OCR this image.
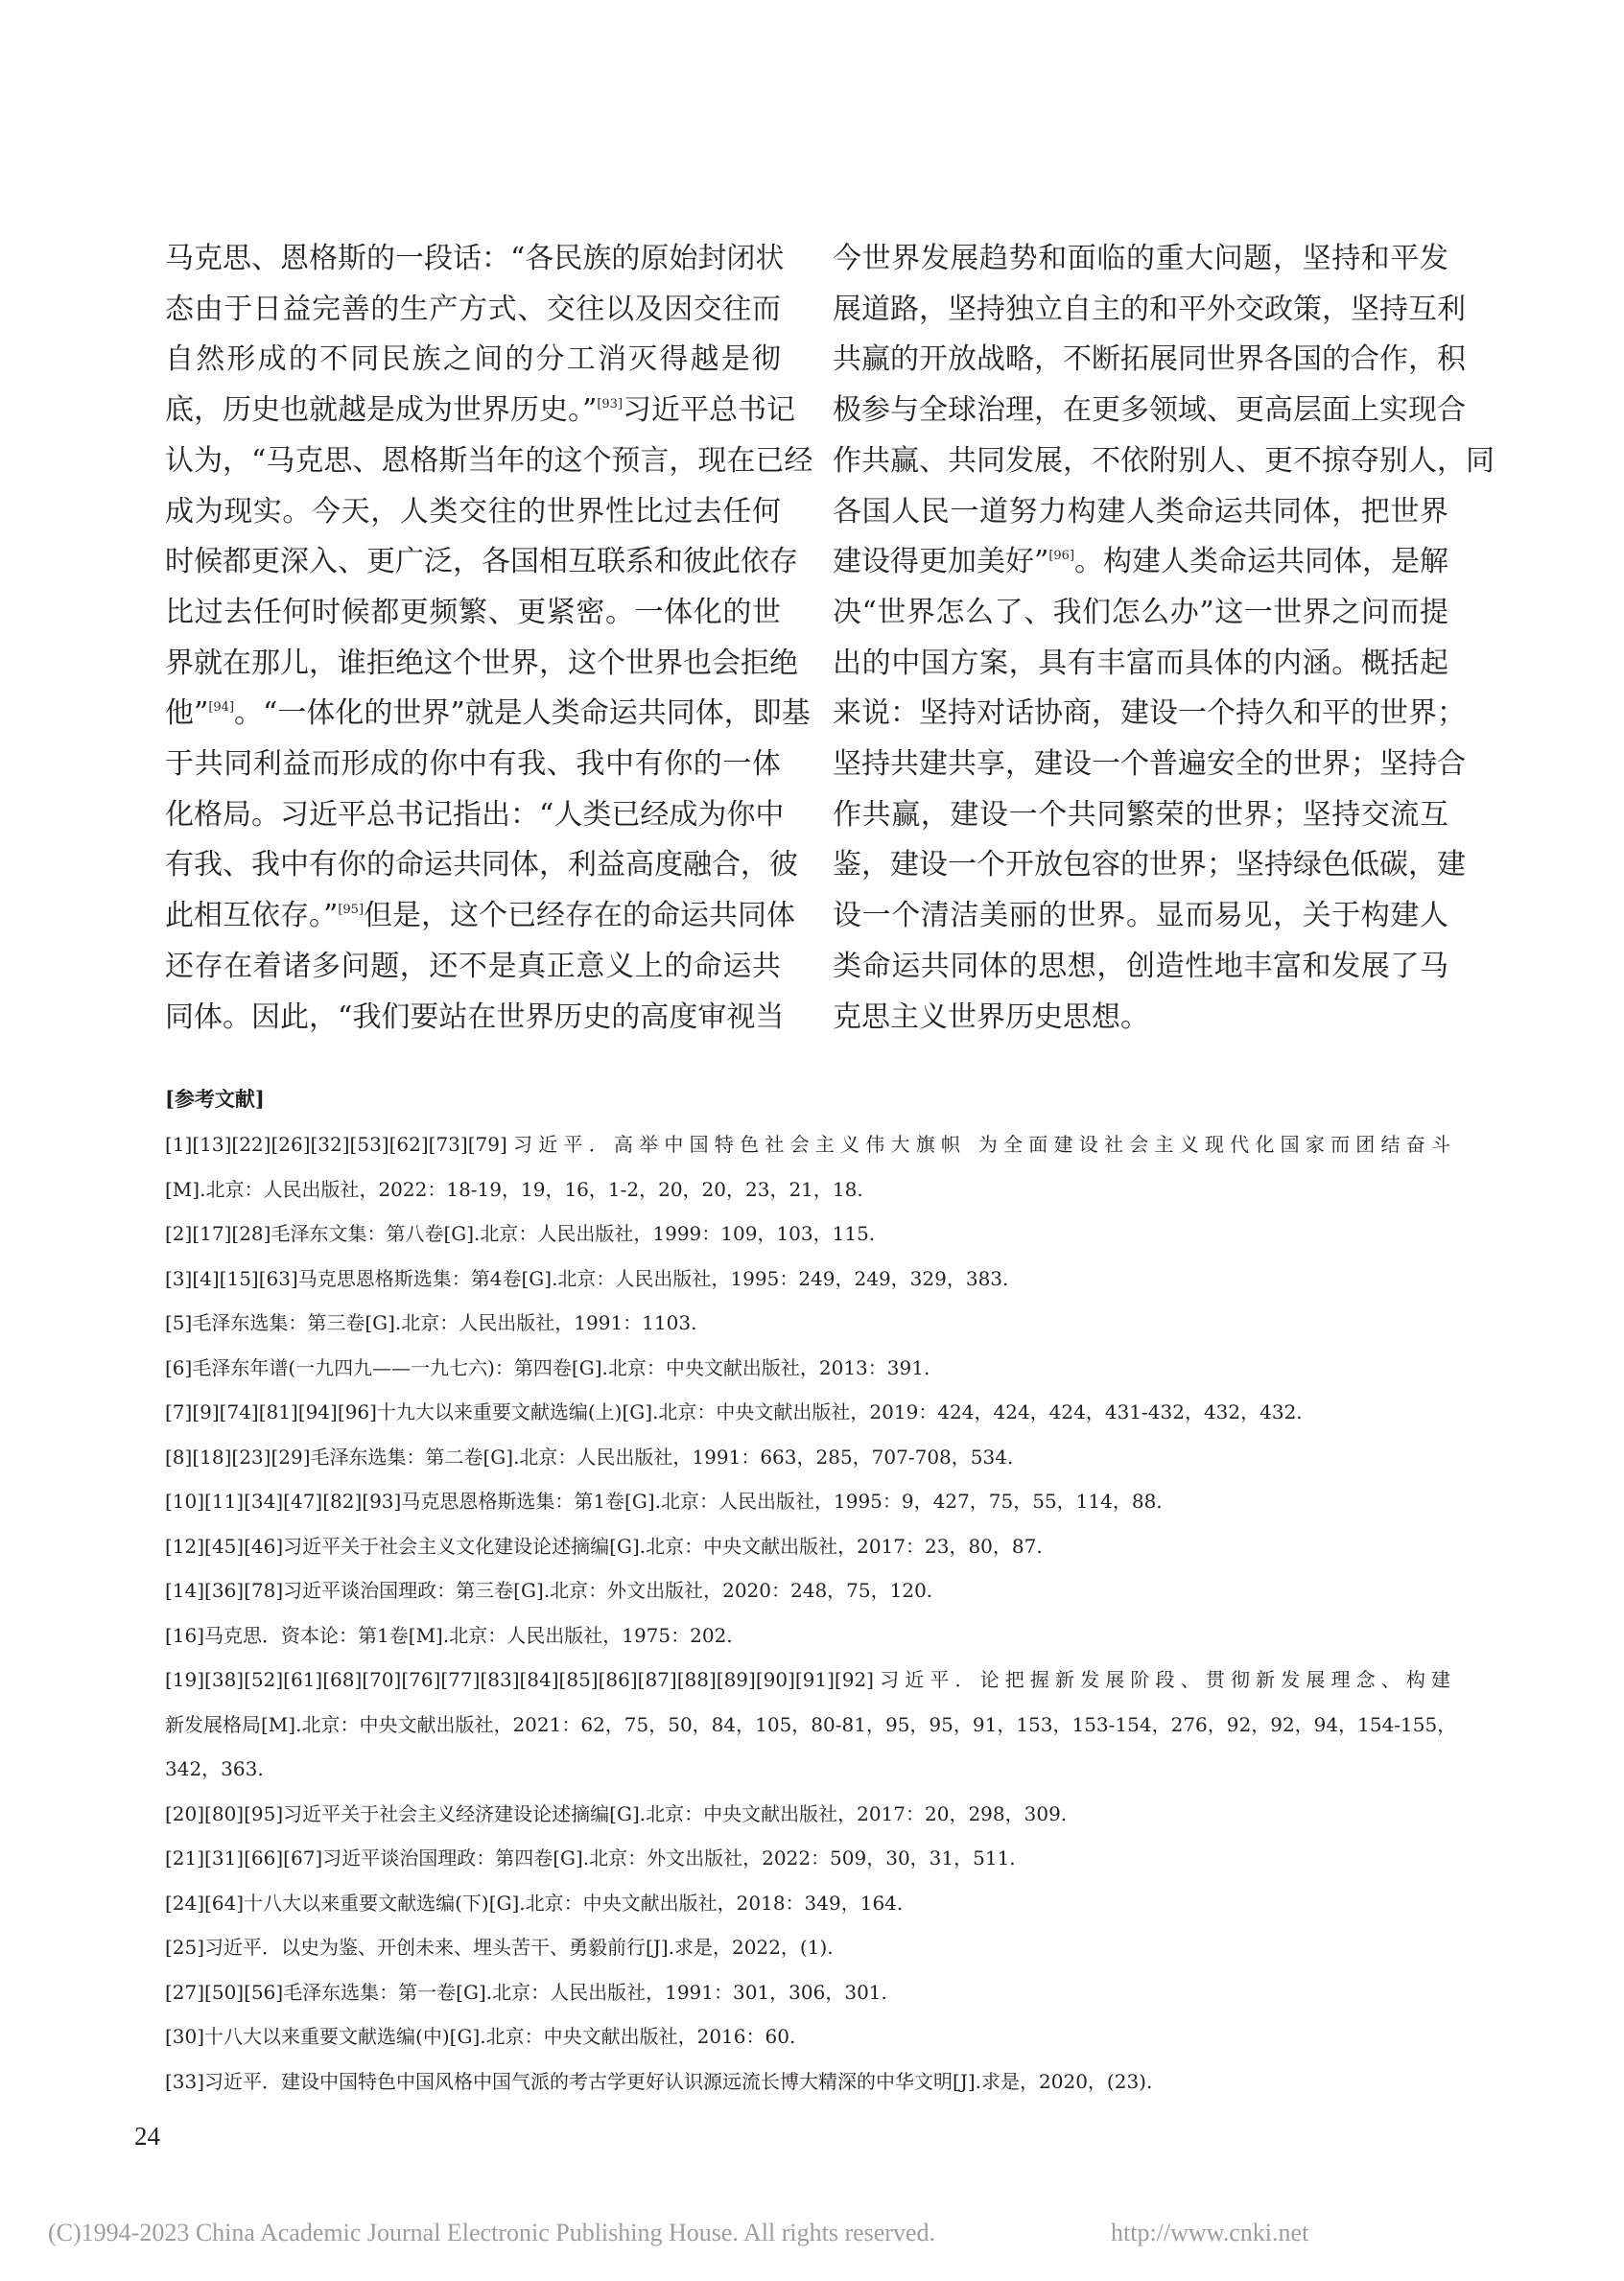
马克思、恩格斯的一段话：“各民族的原始封闭状
态由于日益完善的生产方式、交往以及因交往而
自然形成的不同民族之间的分工消灭得越是彻
底，历史也就越是成为世界历史。”[93]习近平总书记
认为，“马克思、恩格斯当年的这个预言，现在已经
成为现实。今天，人类交往的世界性比过去任何
时候都更深入、更广泛，各国相互联系和彼此依存
比过去任何时候都更频繁、更紧密。一体化的世
界就在那儿，谁拒绝这个世界，这个世界也会拒绝
他”[94]。“一体化的世界”就是人类命运共同体，即基
于共同利益而形成的你中有我、我中有你的一体
化格局。习近平总书记指出：“人类已经成为你中
有我、我中有你的命运共同体，利益高度融合，彼
此相互依存。”[95]但是，这个已经存在的命运共同体
还存在着诸多问题，还不是真正意义上的命运共
同体。因此，“我们要站在世界历史的高度审视当
今世界发展趋势和面临的重大问题，坚持和平发
展道路，坚持独立自主的和平外交政策，坚持互利
共赢的开放战略，不断拓展同世界各国的合作，积
极参与全球治理，在更多领域、更高层面上实现合
作共赢、共同发展，不依附别人、更不掠夺别人，同
各国人民一道努力构建人类命运共同体，把世界
建设得更加美好”[96]。构建人类命运共同体，是解
决“世界怎么了、我们怎么办”这一世界之问而提
出的中国方案，具有丰富而具体的内涵。概括起
来说：坚持对话协商，建设一个持久和平的世界；
坚持共建共享，建设一个普遍安全的世界；坚持合
作共赢，建设一个共同繁荣的世界；坚持交流互
鉴，建设一个开放包容的世界；坚持绿色低碳，建
设一个清洁美丽的世界。显而易见，关于构建人
类命运共同体的思想，创造性地丰富和发展了马
克思主义世界历史思想。
[参考文献]
[1][13][22][26][32][53][62][73][79]习近平．高举中国特色社会主义伟大旗帜 为全面建设社会主义现代化国家而团结奋斗
[M].北京：人民出版社，2022：18-19，19，16，1-2，20，20，23，21，18.
[2][17][28]毛泽东文集：第八卷[G].北京：人民出版社，1999：109，103，115.
[3][4][15][63]马克思恩格斯选集：第4卷[G].北京：人民出版社，1995：249，249，329，383.
[5]毛泽东选集：第三卷[G].北京：人民出版社，1991：1103.
[6]毛泽东年谱(一九四九——一九七六)：第四卷[G].北京：中央文献出版社，2013：391.
[7][9][74][81][94][96]十九大以来重要文献选编(上)[G].北京：中央文献出版社，2019：424，424，424，431-432，432，432.
[8][18][23][29]毛泽东选集：第二卷[G].北京：人民出版社，1991：663，285，707-708，534.
[10][11][34][47][82][93]马克思恩格斯选集：第1卷[G].北京：人民出版社，1995：9，427，75，55，114，88.
[12][45][46]习近平关于社会主义文化建设论述摘编[G].北京：中央文献出版社，2017：23，80，87.
[14][36][78]习近平谈治国理政：第三卷[G].北京：外文出版社，2020：248，75，120.
[16]马克思．资本论：第1卷[M].北京：人民出版社，1975：202.
[19][38][52][61][68][70][76][77][83][84][85][86][87][88][89][90][91][92]习近平．论把握新发展阶段、贯彻新发展理念、构建
新发展格局[M].北京：中央文献出版社，2021：62，75，50，84，105，80-81，95，95，91，153，153-154，276，92，92，94，154-155，
342，363.
[20][80][95]习近平关于社会主义经济建设论述摘编[G].北京：中央文献出版社，2017：20，298，309.
[21][31][66][67]习近平谈治国理政：第四卷[G].北京：外文出版社，2022：509，30，31，511.
[24][64]十八大以来重要文献选编(下)[G].北京：中央文献出版社，2018：349，164.
[25]习近平．以史为鉴、开创未来、埋头苦干、勇毅前行[J].求是，2022，(1).
[27][50][56]毛泽东选集：第一卷[G].北京：人民出版社，1991：301，306，301.
[30]十八大以来重要文献选编(中)[G].北京：中央文献出版社，2016：60.
[33]习近平．建设中国特色中国风格中国气派的考古学更好认识源远流长博大精深的中华文明[J].求是，2020，(23).
24
(C)1994-2023 China Academic Journal Electronic Publishing House. All rights reserved.	http://www.cnki.net
